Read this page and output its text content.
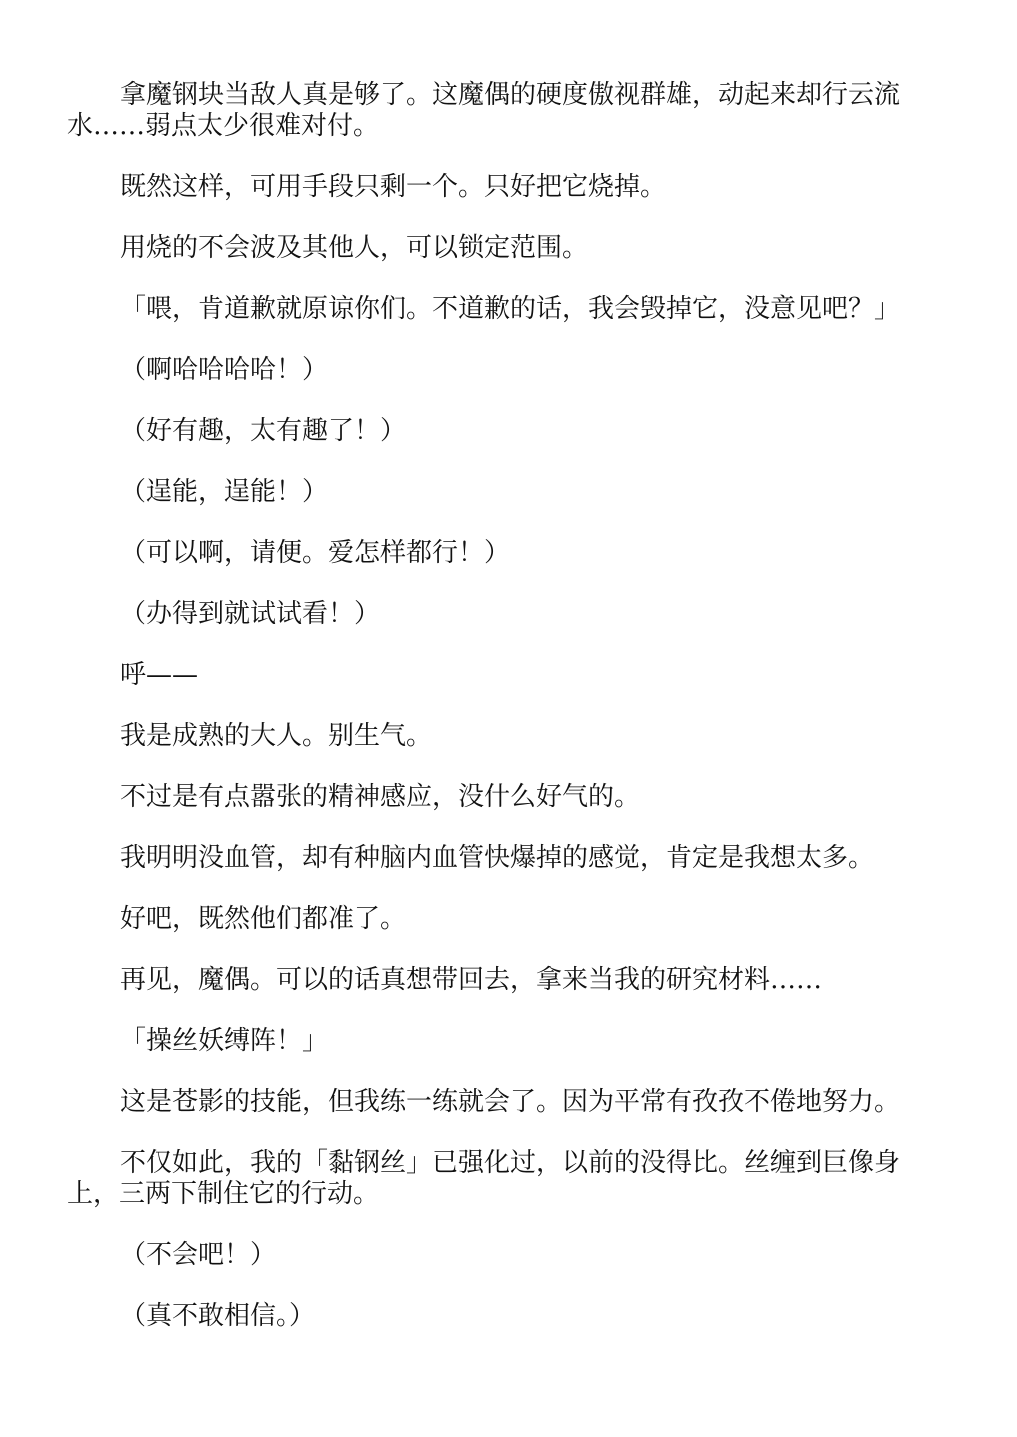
拿魔钢块当敌人真是够了。这魔偶的硬度傲视群雄，动起来却行云流水……弱点太少很难对付。

既然这样，可用手段只剩一个。只好把它烧掉。

用烧的不会波及其他人，可以锁定范围。

「喂，肯道歉就原谅你们。不道歉的话，我会毁掉它，没意见吧？」

（啊哈哈哈哈！）

（好有趣，太有趣了！）

（逞能，逞能！）

（可以啊，请便。爱怎样都行！）

（办得到就试试看！）

呼——

我是成熟的大人。别生气。

不过是有点嚣张的精神感应，没什么好气的。

我明明没血管，却有种脑内血管快爆掉的感觉，肯定是我想太多。

好吧，既然他们都准了。

再见，魔偶。可以的话真想带回去，拿来当我的研究材料……

「操丝妖缚阵！」

这是苍影的技能，但我练一练就会了。因为平常有孜孜不倦地努力。

不仅如此，我的「黏钢丝」已强化过，以前的没得比。丝缠到巨像身上，三两下制住它的行动。

（不会吧！）

（真不敢相信。）
